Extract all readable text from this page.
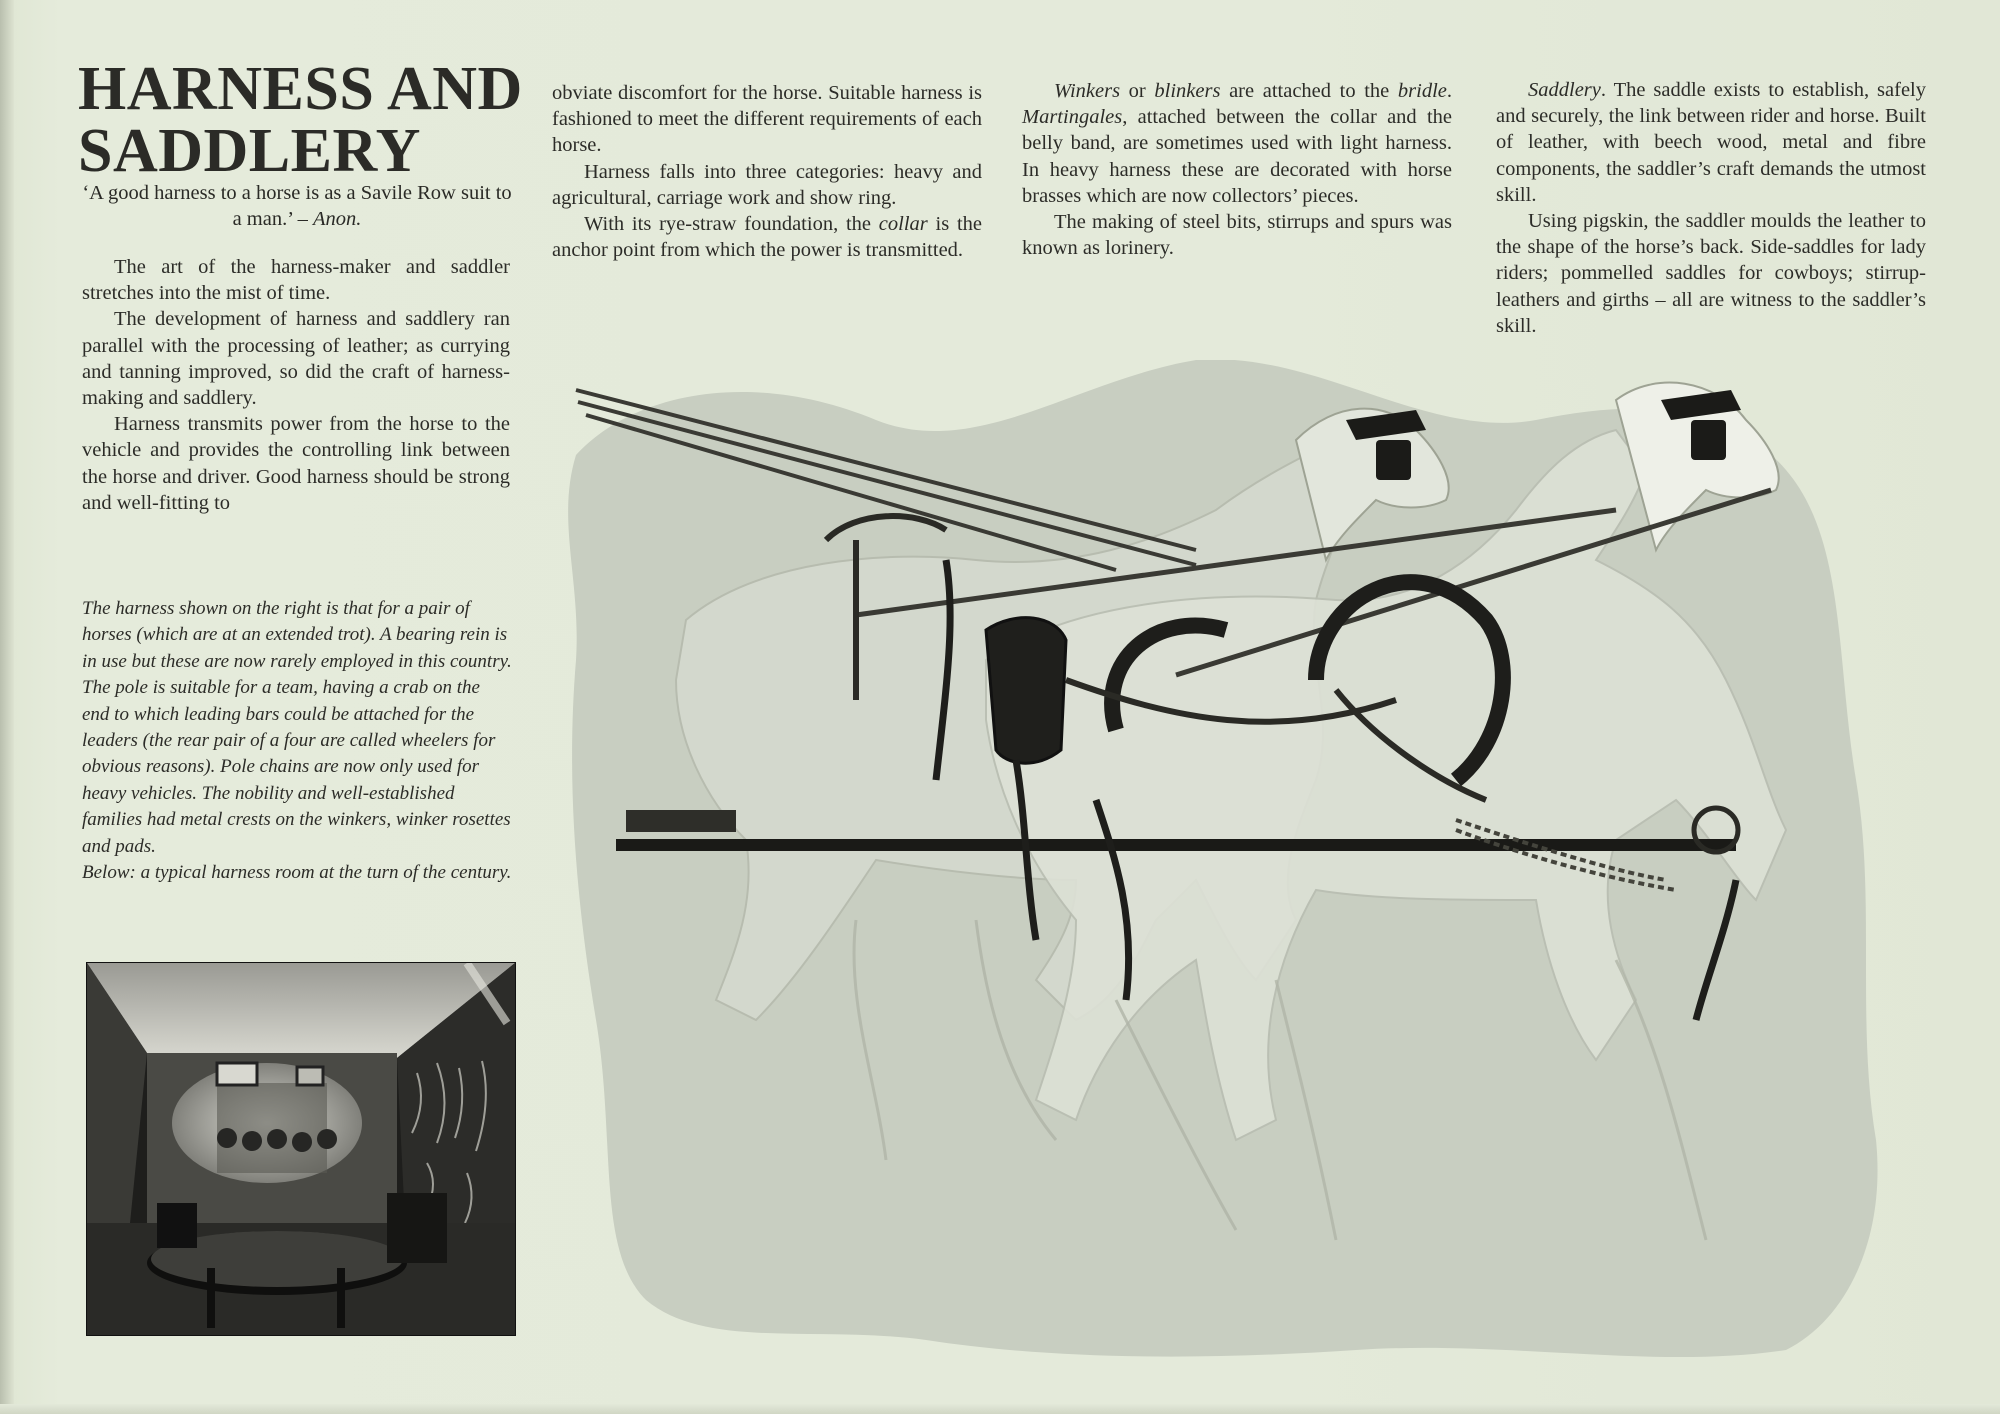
HARNESS AND
SADDLERY
‘A good harness to a horse is as a Savile Row suit to a man.’ – Anon.

The art of the harness-maker and saddler stretches into the mist of time.

The development of harness and saddlery ran parallel with the processing of leather; as currying and tanning improved, so did the craft of harness-making and saddlery.

Harness transmits power from the horse to the vehicle and provides the controlling link between the horse and driver. Good harness should be strong and well-fitting to

obviate discomfort for the horse. Suitable harness is fashioned to meet the different requirements of each horse.

Harness falls into three categories: heavy and agricultural, carriage work and show ring.

With its rye-straw foundation, the collar is the anchor point from which the power is transmitted.

Winkers or blinkers are attached to the bridle. Martingales, attached between the collar and the belly band, are sometimes used with light harness. In heavy harness these are decorated with horse brasses which are now collectors’ pieces.

The making of steel bits, stirrups and spurs was known as lorinery.

Saddlery. The saddle exists to establish, safely and securely, the link between rider and horse. Built of leather, with beech wood, metal and fibre components, the saddler’s craft demands the utmost skill.

Using pigskin, the saddler moulds the leather to the shape of the horse’s back. Side-saddles for lady riders; pommelled saddles for cowboys; stirrup-leathers and girths – all are witness to the saddler’s skill.

The harness shown on the right is that for a pair of horses (which are at an extended trot). A bearing rein is in use but these are now rarely employed in this country. The pole is suitable for a team, having a crab on the end to which leading bars could be attached for the leaders (the rear pair of a four are called wheelers for obvious reasons). Pole chains are now only used for heavy vehicles. The nobility and well-established families had metal crests on the winkers, winker rosettes and pads.

Below: a typical harness room at the turn of the century.
